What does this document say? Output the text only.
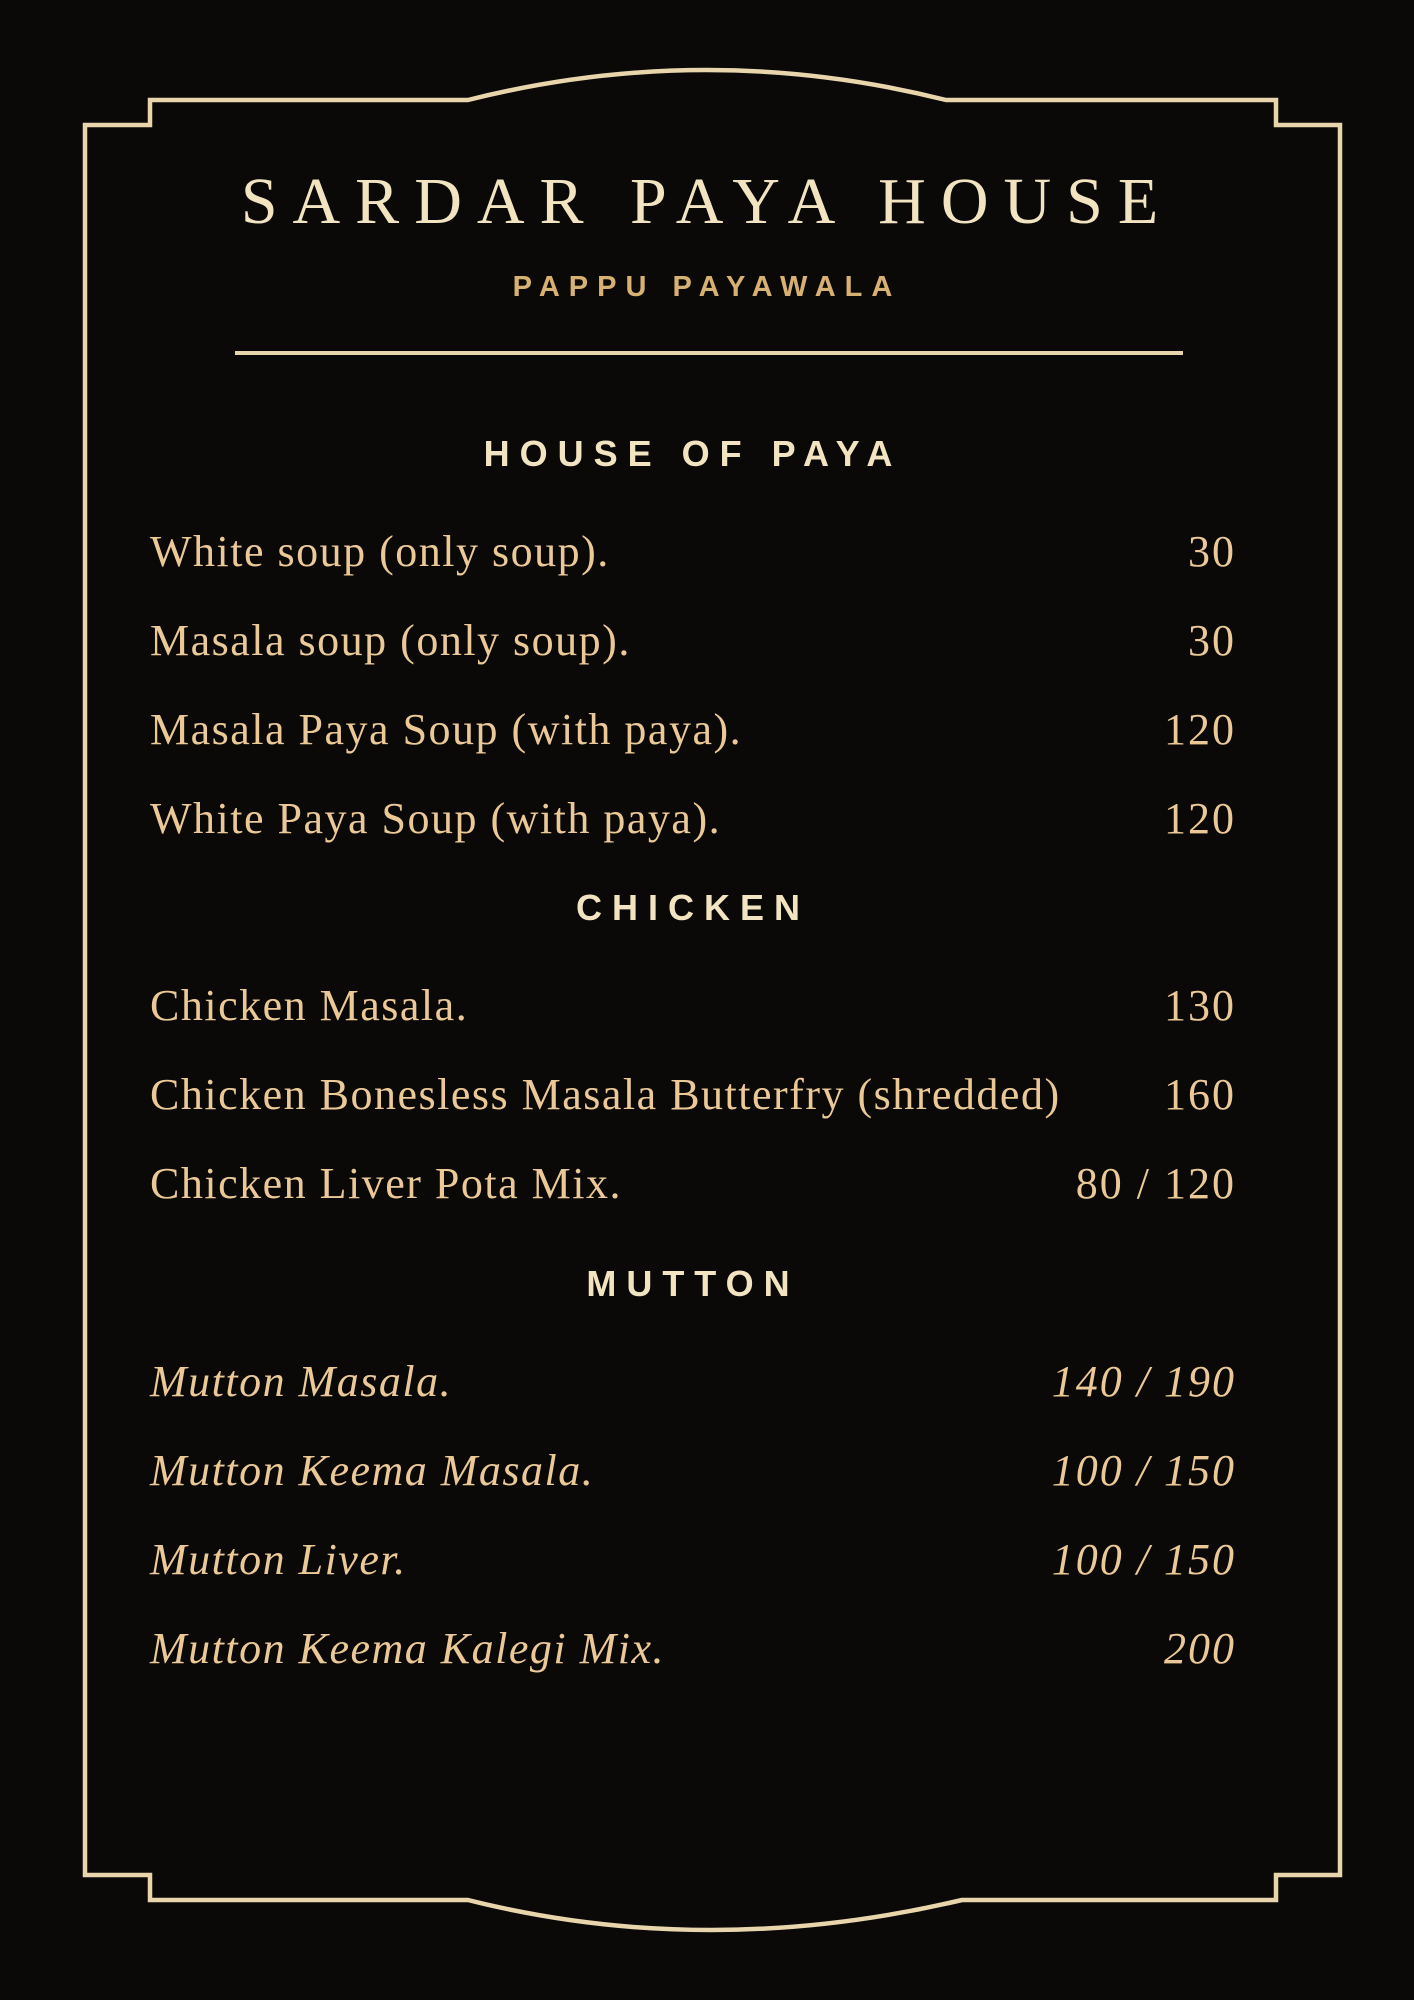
SARDAR PAYA HOUSE
PAPPU PAYAWALA
HOUSE OF PAYA
White soup (only soup).	30
Masala soup (only soup).	30
Masala Paya Soup (with paya).	120
White Paya Soup (with paya).	120
CHICKEN
Chicken Masala.	130
Chicken Bonesless Masala Butterfry (shredded) 160
Chicken Liver Pota Mix.	80 / 120
MUTTON
Mutton Masala.	140 / 190
Mutton Keema Masala.	100 / 150
Mutton Liver.	100 / 150
Mutton Keema Kalegi Mix.	200
